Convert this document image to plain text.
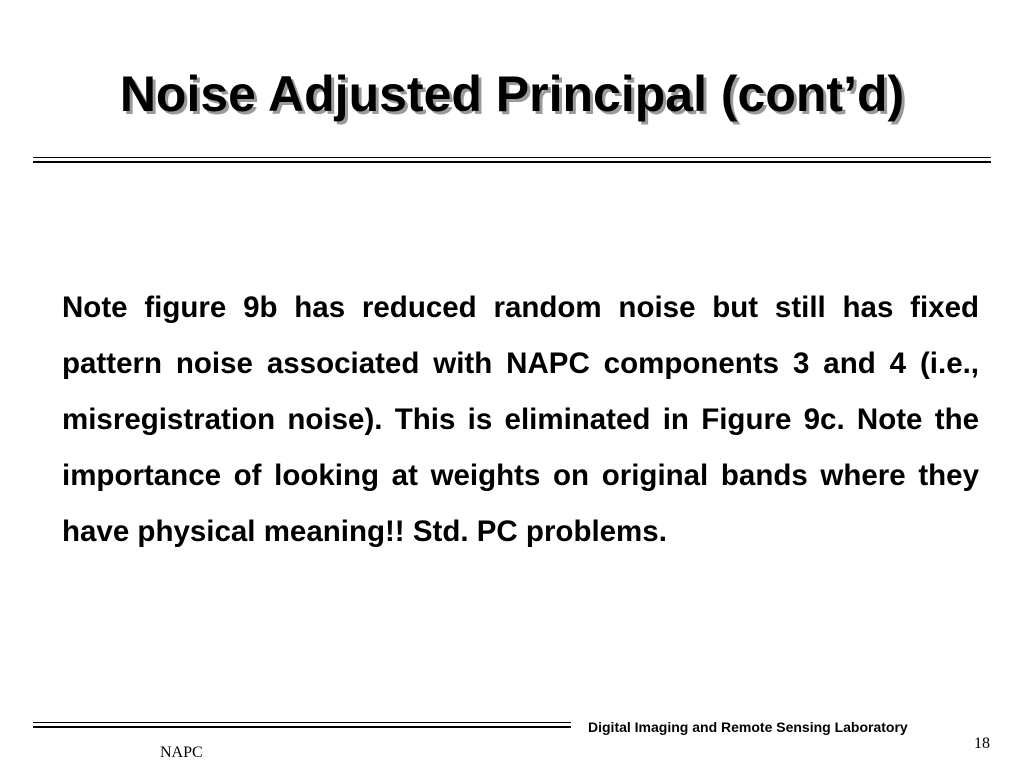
Noise Adjusted Principal (cont’d)

Note figure 9b has reduced random noise but still has fixed pattern noise associated with NAPC components 3 and 4 (i.e., misregistration noise). This is eliminated in Figure 9c. Note the importance of looking at weights on original bands where they have physical meaning!! Std. PC problems.

Digital Imaging and Remote Sensing Laboratory
NAPC
18
